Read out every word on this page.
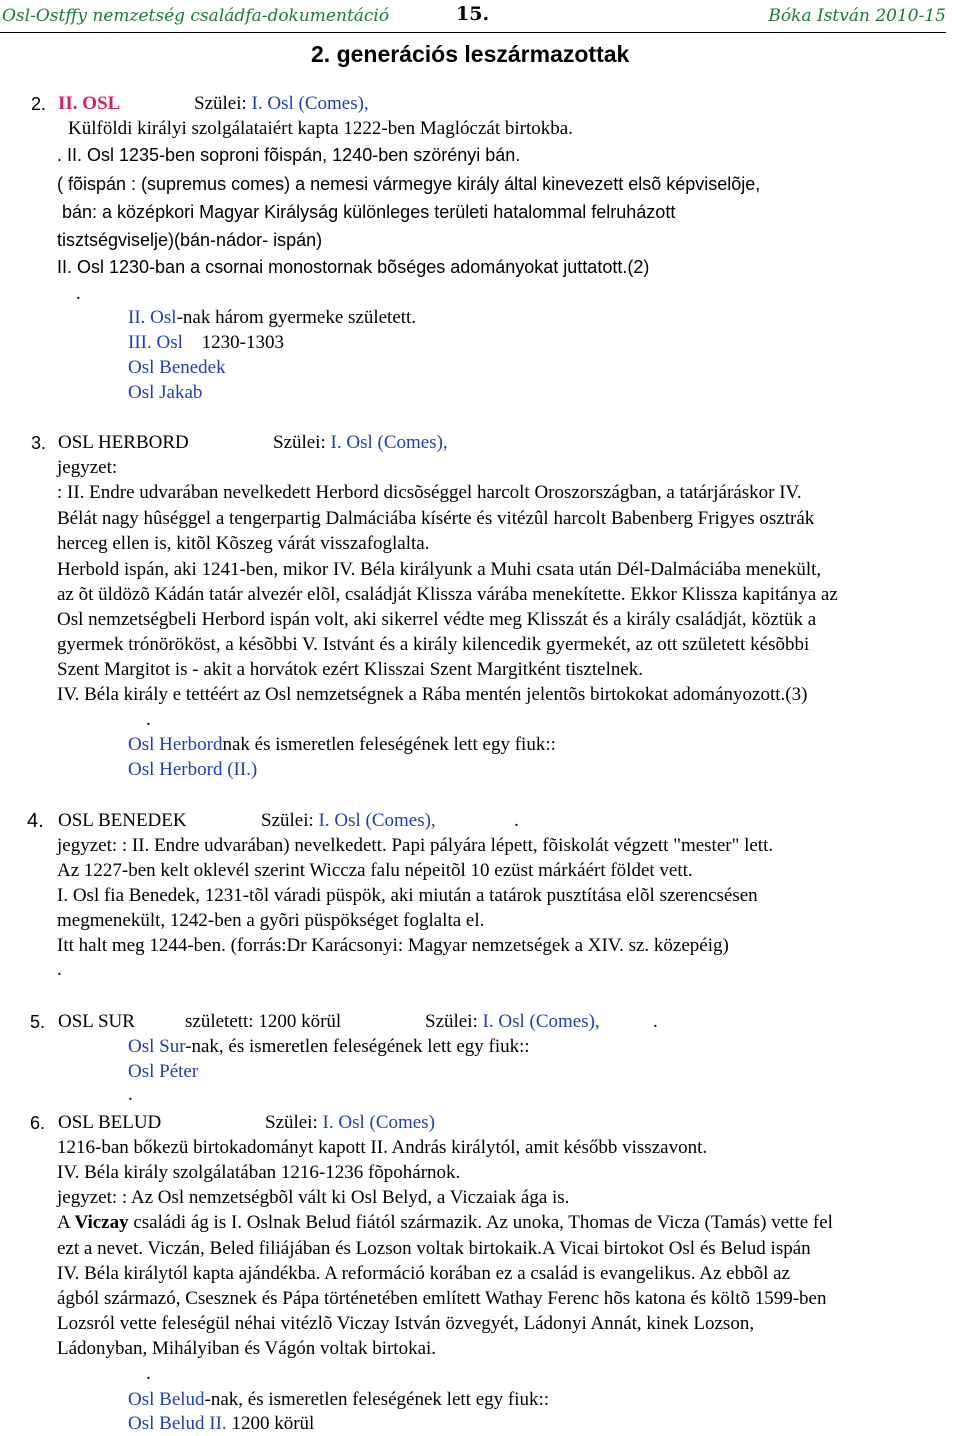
Osl-Ostffy nemzetség családfa-dokumentáció	15.	Bóka István 2010-15
2. generációs leszármazottak
2. II. OSL	Szülei: I. Osl (Comes),
Külföldi királyi szolgálataiért kapta 1222-ben Maglóczát birtokba.
. II. Osl 1235-ben soproni fõispán, 1240-ben szörényi bán.
( fõispán : (supremus comes) a nemesi vármegye király által kinevezett elsõ képviselõje,
bán: a középkori Magyar Királyság különleges területi hatalommal felruházott
tisztségviselje)(bán-nádor- ispán)
II. Osl 1230-ban a csornai monostornak bõséges adományokat juttatott.(2)
.
II. Osl-nak három gyermeke született.
III. Osl 1230-1303
Osl Benedek
Osl Jakab
3. OSL HERBORD	Szülei: I. Osl (Comes),
jegyzet:
: II. Endre udvarában nevelkedett Herbord dicsõséggel harcolt Oroszországban, a tatárjáráskor IV.
Bélát nagy hûséggel a tengerpartig Dalmáciába kísérte és vitézûl harcolt Babenberg Frigyes osztrák
herceg ellen is, kitõl Kõszeg várát visszafoglalta.
Herbold ispán, aki 1241-ben, mikor IV. Béla királyunk a Muhi csata után Dél-Dalmáciába menekült,
az õt üldözõ Kádán tatár alvezér elõl, családját Klissza várába menekítette. Ekkor Klissza kapitánya az
Osl nemzetségbeli Herbord ispán volt, aki sikerrel védte meg Klisszát és a király családját, köztük a
gyermek trónörököst, a késõbbi V. Istvánt és a király kilencedik gyermekét, az ott született késõbbi
Szent Margitot is - akit a horvátok ezért Klisszai Szent Margitként tisztelnek.
IV. Béla király e tettéért az Osl nemzetségnek a Rába mentén jelentõs birtokokat adományozott.(3)
.
Osl Herbordnak és ismeretlen feleségének lett egy fiuk::
Osl Herbord (II.)
4. OSL BENEDEK	Szülei: I. Osl (Comes),	.
jegyzet: : II. Endre udvarában) nevelkedett. Papi pályára lépett, fõiskolát végzett "mester" lett.
Az 1227-ben kelt oklevél szerint Wiccza falu népeitõl 10 ezüst márkáért földet vett.
I. Osl fia Benedek, 1231-tõl váradi püspök, aki miután a tatárok pusztítása elõl szerencsésen
megmenekült, 1242-ben a gyõri püspökséget foglalta el.
Itt halt meg 1244-ben. (forrás:Dr Karácsonyi: Magyar nemzetségek a XIV. sz. közepéig)
.
5. OSL SUR	született: 1200 körül	Szülei: I. Osl (Comes),	.
Osl Sur-nak, és ismeretlen feleségének lett egy fiuk::
Osl Péter
.
6. OSL BELUD	Szülei: I. Osl (Comes)
1216-ban bőkezü birtokadományt kapott II. András királytól, amit később visszavont.
IV. Béla király szolgálatában 1216-1236 fõpohárnok.
jegyzet: : Az Osl nemzetségbõl vált ki Osl Belyd, a Viczaiak ága is.
A Viczay családi ág is I. Oslnak Belud fiától származik. Az unoka, Thomas de Vicza (Tamás) vette fel
ezt a nevet. Viczán, Beled filiájában és Lozson voltak birtokaik.A Vicai birtokot Osl és Belud ispán
IV. Béla királytól kapta ajándékba. A reformáció korában ez a család is evangelikus. Az ebbõl az
ágból származó, Csesznek és Pápa történetében említett Wathay Ferenc hõs katona és költõ 1599-ben
Lozsról vette feleségül néhai vitézlõ Viczay István özvegyét, Ládonyi Annát, kinek Lozson,
Ládonyban, Mihályiban és Vágón voltak birtokai.
.
Osl Belud-nak, és ismeretlen feleségének lett egy fiuk::
Osl Belud II. 1200 körül
